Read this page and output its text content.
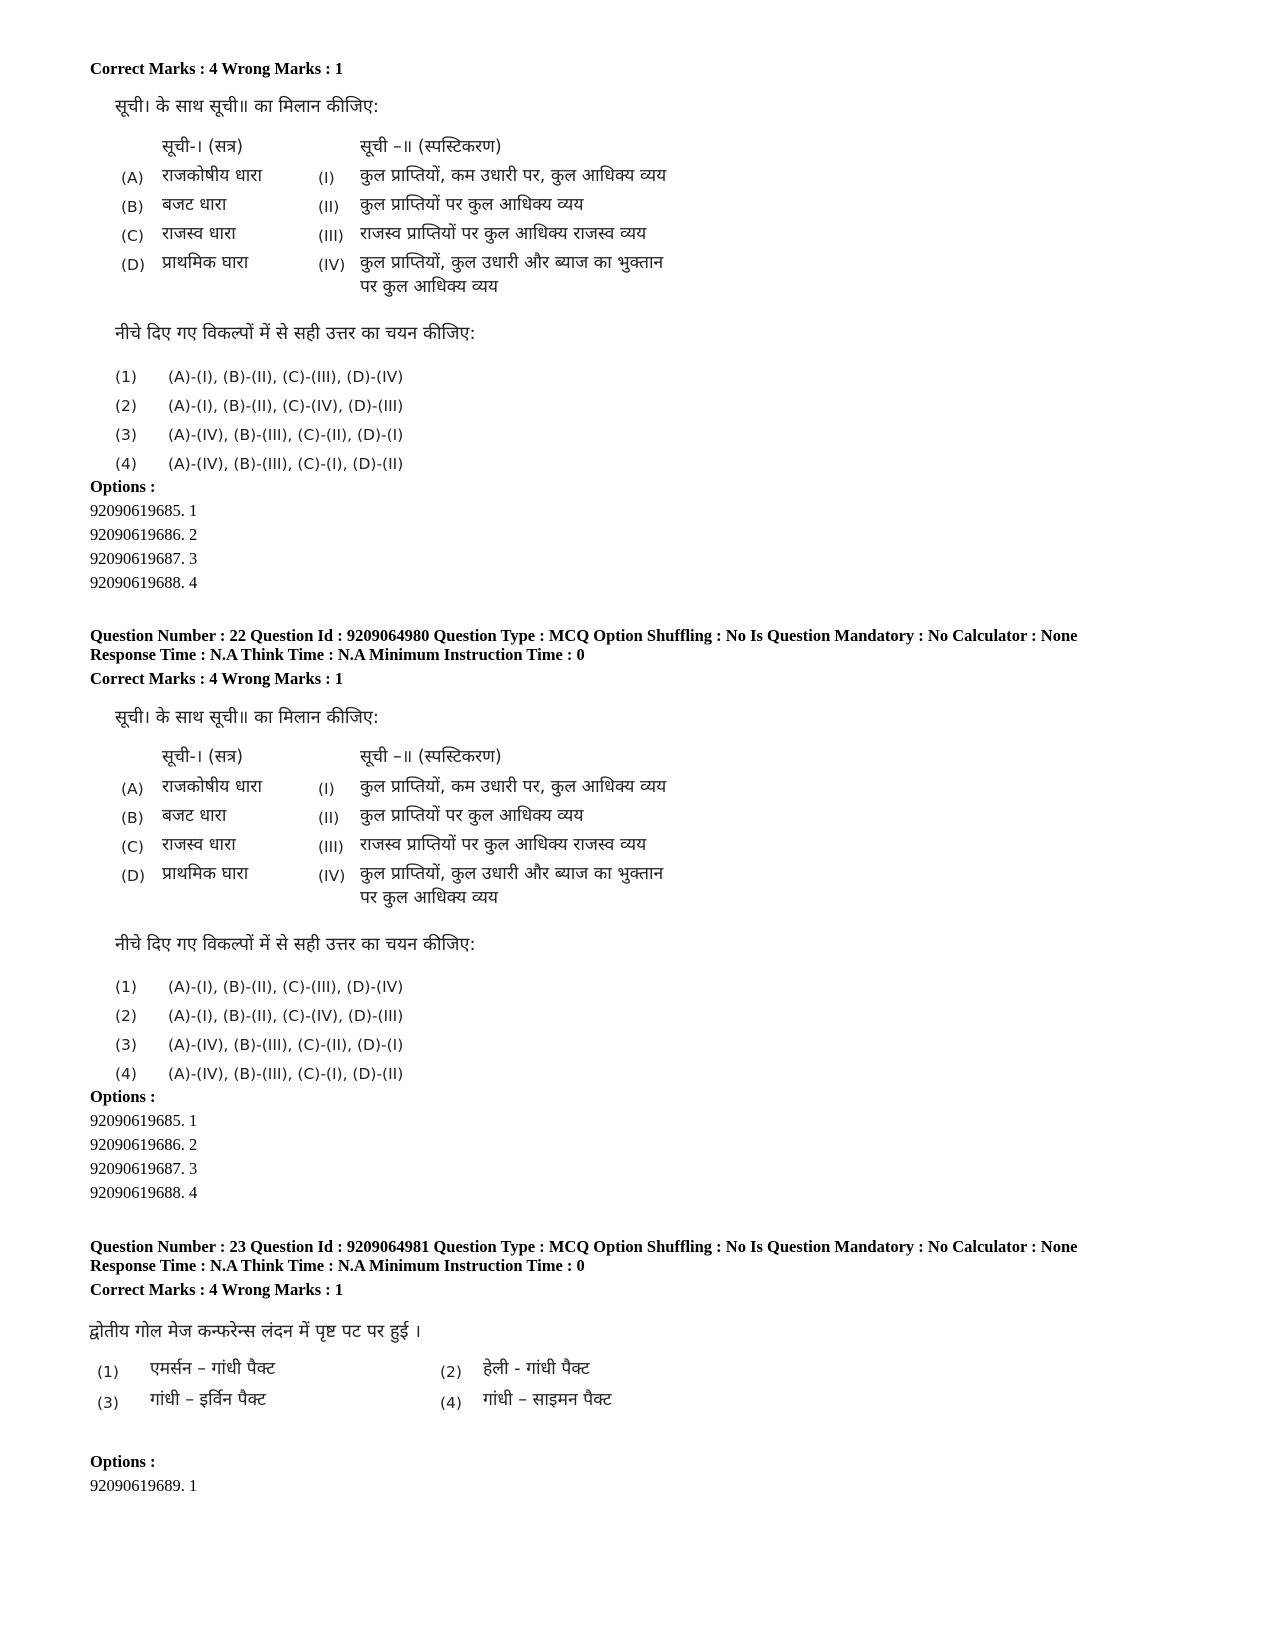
Correct Marks : 4 Wrong Marks : 1
सूची। के साथ सूची॥ का मिलान कीजिए:
सूची-। (सत्र)	सूची –॥ (स्पस्टिकरण)
(A) राजकोषीय धारा	(I) कुल प्राप्तियों, कम उधारी पर, कुल आधिक्य व्यय
(B) बजट धारा	(II) कुल प्राप्तियों पर कुल आधिक्य व्यय
(C) राजस्व धारा	(III) राजस्व प्राप्तियों पर कुल आधिक्य राजस्व व्यय
(D) प्राथमिक घारा	(IV) कुल प्राप्तियों, कुल उधारी और ब्याज का भुक्तान
पर कुल आधिक्य व्यय
नीचे दिए गए विकल्पों में से सही उत्तर का चयन कीजिए:
(1) (A)-(I), (B)-(II), (C)-(III), (D)-(IV)
(2) (A)-(I), (B)-(II), (C)-(IV), (D)-(III)
(3) (A)-(IV), (B)-(III), (C)-(II), (D)-(I)
(4) (A)-(IV), (B)-(III), (C)-(I), (D)-(II)
Options :
92090619685. 1
92090619686. 2
92090619687. 3
92090619688. 4
Question Number : 22 Question Id : 9209064980 Question Type : MCQ Option Shuffling : No Is Question Mandatory : No Calculator : None
Response Time : N.A Think Time : N.A Minimum Instruction Time : 0
Correct Marks : 4 Wrong Marks : 1
सूची। के साथ सूची॥ का मिलान कीजिए:
सूची-। (सत्र)	सूची –॥ (स्पस्टिकरण)
(A) राजकोषीय धारा	(I) कुल प्राप्तियों, कम उधारी पर, कुल आधिक्य व्यय
(B) बजट धारा	(II) कुल प्राप्तियों पर कुल आधिक्य व्यय
(C) राजस्व धारा	(III) राजस्व प्राप्तियों पर कुल आधिक्य राजस्व व्यय
(D) प्राथमिक घारा	(IV) कुल प्राप्तियों, कुल उधारी और ब्याज का भुक्तान
पर कुल आधिक्य व्यय
नीचे दिए गए विकल्पों में से सही उत्तर का चयन कीजिए:
(1) (A)-(I), (B)-(II), (C)-(III), (D)-(IV)
(2) (A)-(I), (B)-(II), (C)-(IV), (D)-(III)
(3) (A)-(IV), (B)-(III), (C)-(II), (D)-(I)
(4) (A)-(IV), (B)-(III), (C)-(I), (D)-(II)
Options :
92090619685. 1
92090619686. 2
92090619687. 3
92090619688. 4
Question Number : 23 Question Id : 9209064981 Question Type : MCQ Option Shuffling : No Is Question Mandatory : No Calculator : None
Response Time : N.A Think Time : N.A Minimum Instruction Time : 0
Correct Marks : 4 Wrong Marks : 1
द्वोतीय गोल मेज कन्फरेन्स लंदन में पृष्ट पट पर हुई ।
(1) एमर्सन – गांधी पैक्ट	(2) हेली - गांधी पैक्ट
(3) गांधी – इर्विन पैक्ट	(4) गांधी – साइमन पैक्ट
Options :
92090619689. 1
